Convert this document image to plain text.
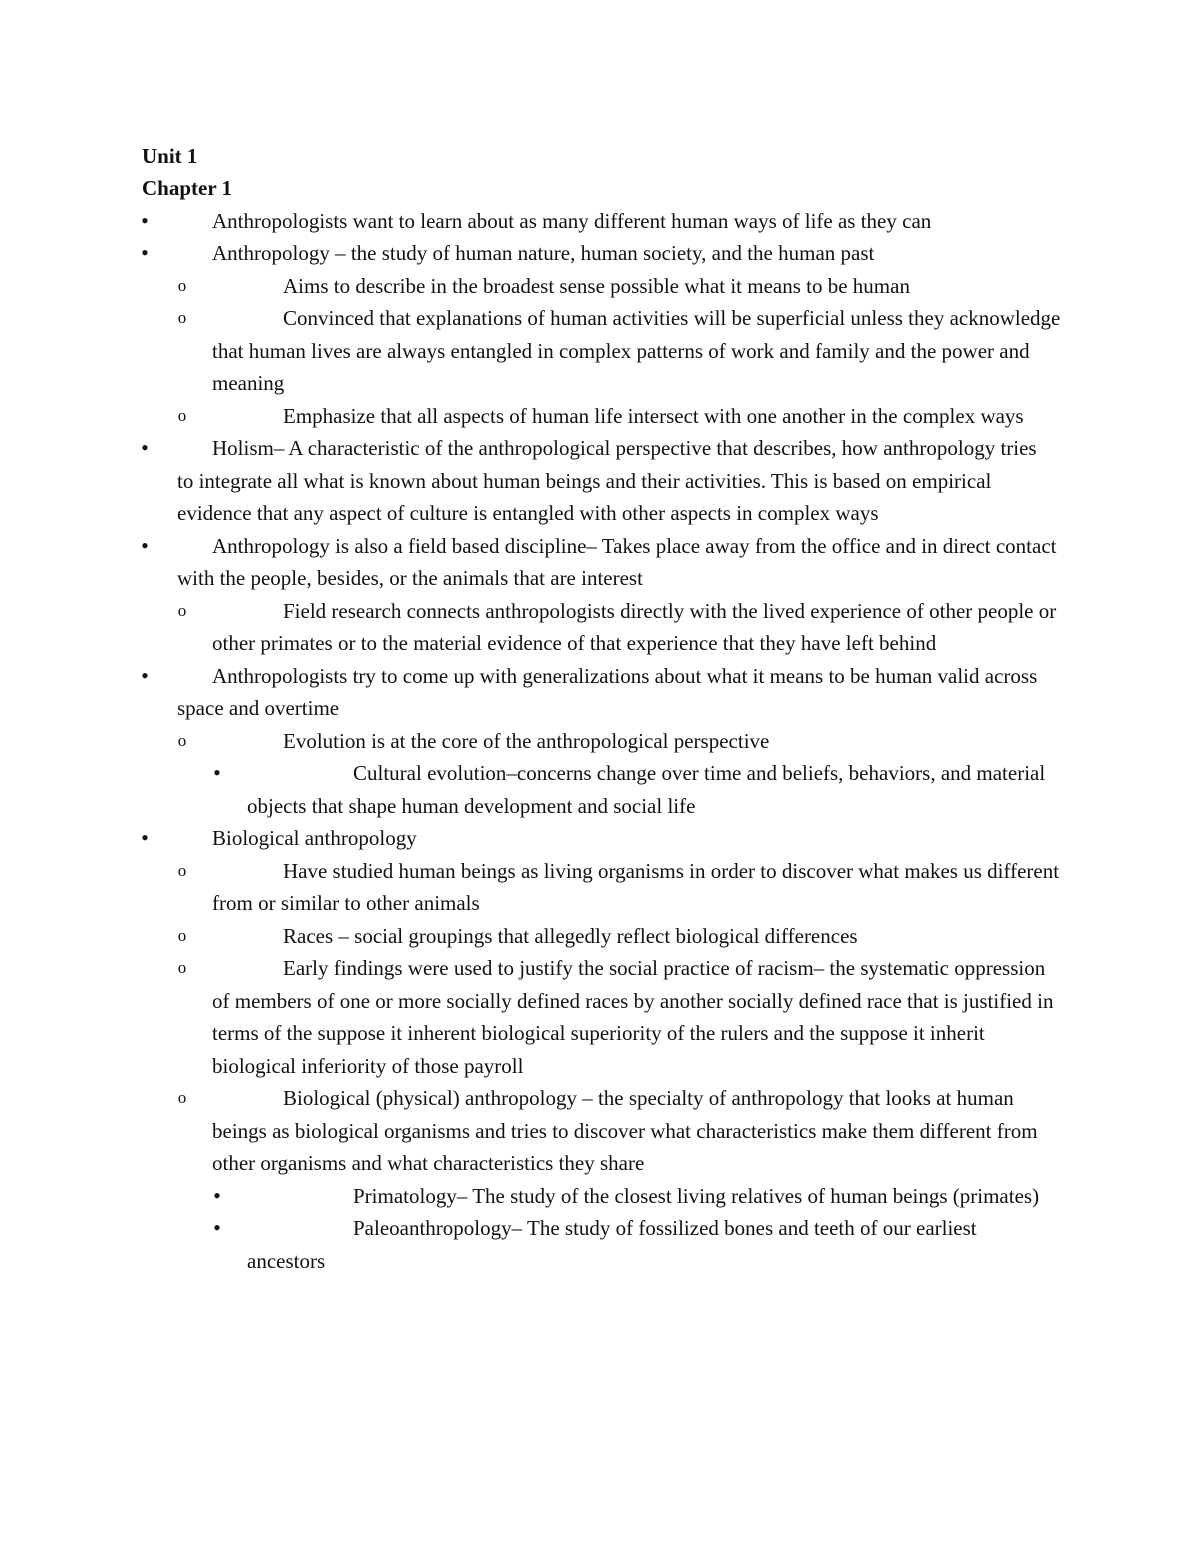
Unit 1
Chapter 1
•	Anthropologists want to learn about as many different human ways of life as they can
•	Anthropology – the study of human nature, human society, and the human past
o	Aims to describe in the broadest sense possible what it means to be human
o	Convinced that explanations of human activities will be superficial unless they acknowledge that human lives are always entangled in complex patterns of work and family and the power and meaning
o	Emphasize that all aspects of human life intersect with one another in the complex ways
•	Holism– A characteristic of the anthropological perspective that describes, how anthropology tries to integrate all what is known about human beings and their activities. This is based on empirical evidence that any aspect of culture is entangled with other aspects in complex ways
•	Anthropology is also a field based discipline– Takes place away from the office and in direct contact with the people, besides, or the animals that are interest
o	Field research connects anthropologists directly with the lived experience of other people or other primates or to the material evidence of that experience that they have left behind
•	Anthropologists try to come up with generalizations about what it means to be human valid across space and overtime
o	Evolution is at the core of the anthropological perspective
•	Cultural evolution–concerns change over time and beliefs, behaviors, and material objects that shape human development and social life
•	Biological anthropology
o	Have studied human beings as living organisms in order to discover what makes us different from or similar to other animals
o	Races – social groupings that allegedly reflect biological differences
o	Early findings were used to justify the social practice of racism– the systematic oppression of members of one or more socially defined races by another socially defined race that is justified in terms of the suppose it inherent biological superiority of the rulers and the suppose it inherit biological inferiority of those payroll
o	Biological (physical) anthropology – the specialty of anthropology that looks at human beings as biological organisms and tries to discover what characteristics make them different from other organisms and what characteristics they share
•	Primatology– The study of the closest living relatives of human beings (primates)
•	Paleoanthropology– The study of fossilized bones and teeth of our earliest ancestors
